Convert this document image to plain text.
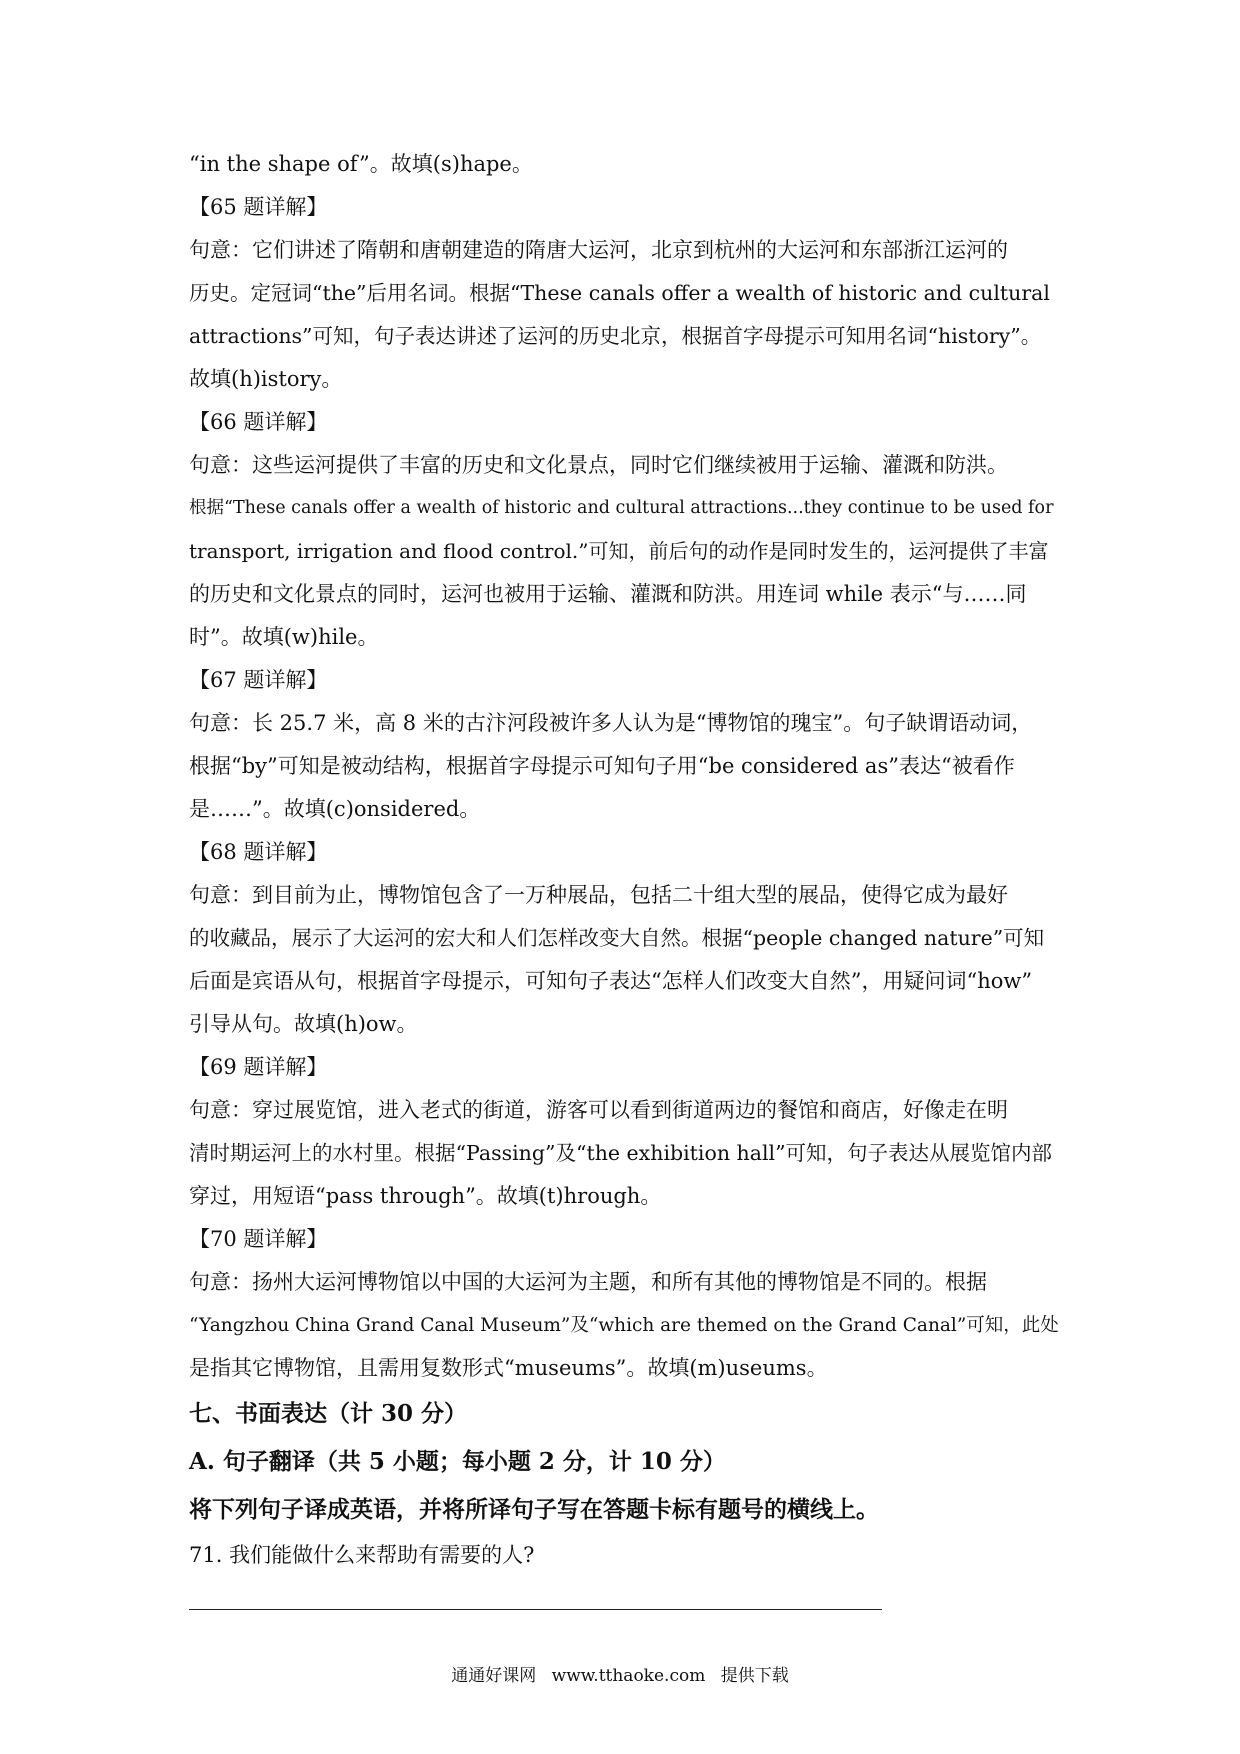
“in the shape of”。故填(s)hape。
【65 题详解】
句意：它们讲述了隋朝和唐朝建造的隋唐大运河，北京到杭州的大运河和东部浙江运河的
历史。定冠词“the”后用名词。根据“These canals offer a wealth of historic and cultural
attractions”可知，句子表达讲述了运河的历史北京，根据首字母提示可知用名词“history”。
故填(h)istory。
【66 题详解】
句意：这些运河提供了丰富的历史和文化景点，同时它们继续被用于运输、灌溉和防洪。
根据“These canals offer a wealth of historic and cultural attractions...they continue to be used for
transport, irrigation and flood control.”可知，前后句的动作是同时发生的，运河提供了丰富
的历史和文化景点的同时，运河也被用于运输、灌溉和防洪。用连词 while 表示“与……同
时”。故填(w)hile。
【67 题详解】
句意：长 25.7 米，高 8 米的古汴河段被许多人认为是“博物馆的瑰宝”。句子缺谓语动词，
根据“by”可知是被动结构，根据首字母提示可知句子用“be considered as”表达“被看作
是……”。故填(c)onsidered。
【68 题详解】
句意：到目前为止，博物馆包含了一万种展品，包括二十组大型的展品，使得它成为最好
的收藏品，展示了大运河的宏大和人们怎样改变大自然。根据“people changed nature”可知
后面是宾语从句，根据首字母提示，可知句子表达“怎样人们改变大自然”，用疑问词“how”
引导从句。故填(h)ow。
【69 题详解】
句意：穿过展览馆，进入老式的街道，游客可以看到街道两边的餐馆和商店，好像走在明
清时期运河上的水村里。根据“Passing”及“the exhibition hall”可知，句子表达从展览馆内部
穿过，用短语“pass through”。故填(t)hrough。
【70 题详解】
句意：扬州大运河博物馆以中国的大运河为主题，和所有其他的博物馆是不同的。根据
“Yangzhou China Grand Canal Museum”及“which are themed on the Grand Canal”可知，此处
是指其它博物馆，且需用复数形式“museums”。故填(m)useums。
七、书面表达（计 30 分）
A. 句子翻译（共 5 小题；每小题 2 分，计 10 分）
将下列句子译成英语，并将所译句子写在答题卡标有题号的横线上。
71. 我们能做什么来帮助有需要的人?
通通好课网 www.tthaoke.com 提供下载
